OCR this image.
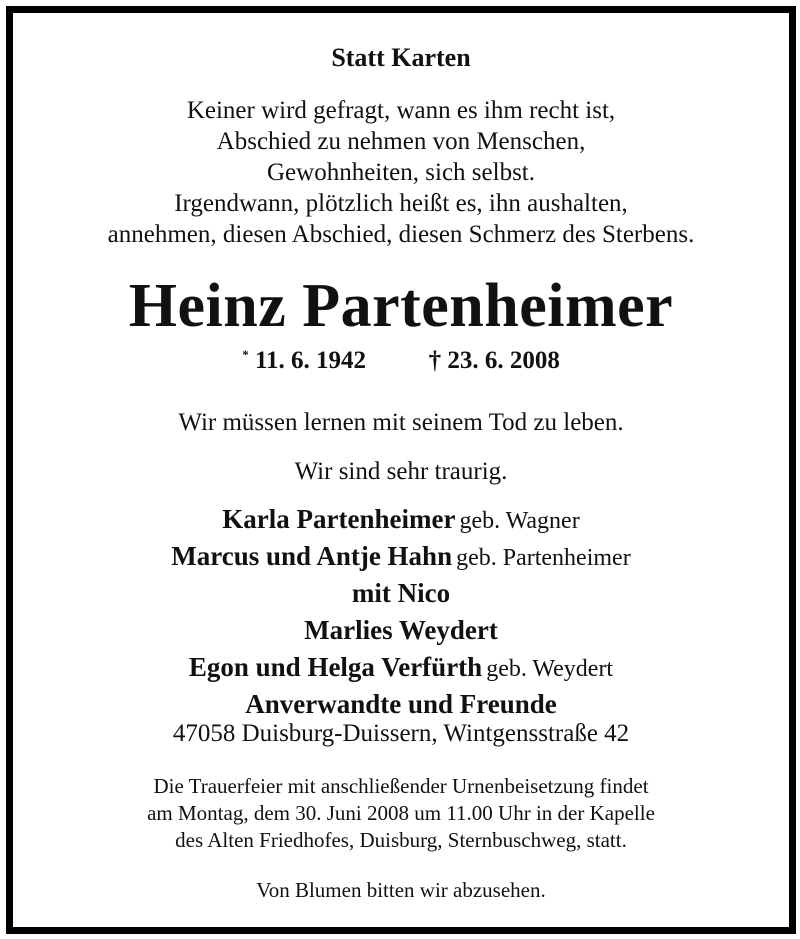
Statt Karten

Keiner wird gefragt, wann es ihm recht ist,

Abschied zu nehmen von Menschen,

Gewohnheiten, sich selbst.

Irgendwann, plötzlich heißt es, ihn aushalten,

annehmen, diesen Abschied, diesen Schmerz des Sterbens.

Heinz Partenheimer

* 11. 6. 1942	† 23. 6. 2008

Wir müssen lernen mit seinem Tod zu leben.

Wir sind sehr traurig.

Karla Partenheimer geb. Wagner

Marcus und Antje Hahn geb. Partenheimer

mit Nico

Marlies Weydert

Egon und Helga Verfürth geb. Weydert

Anverwandte und Freunde

47058 Duisburg-Duissern, Wintgensstraße 42

Die Trauerfeier mit anschließender Urnenbeisetzung findet

am Montag, dem 30. Juni 2008 um 11.00 Uhr in der Kapelle

des Alten Friedhofes, Duisburg, Sternbuschweg, statt.

Von Blumen bitten wir abzusehen.
